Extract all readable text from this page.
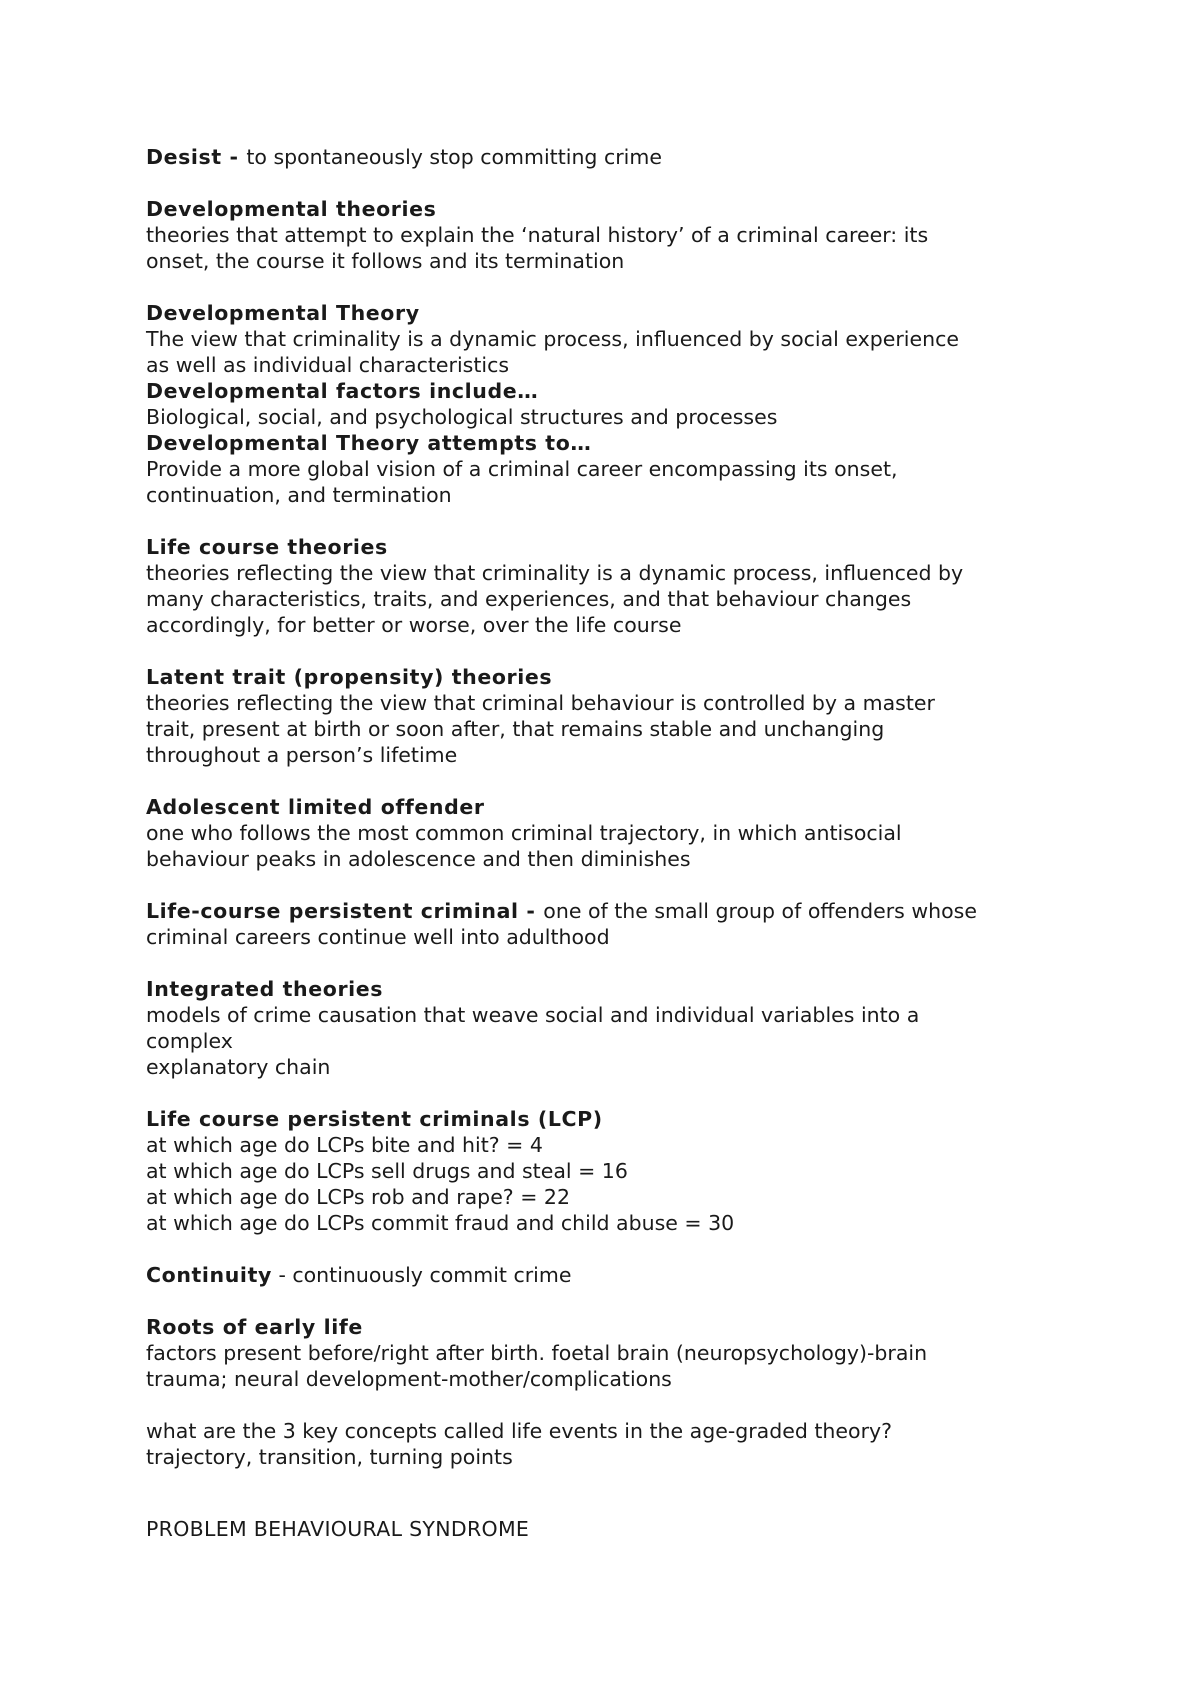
Desist - to spontaneously stop committing crime
Developmental theories
theories that attempt to explain the ‘natural history’ of a criminal career: its
onset, the course it follows and its termination
Developmental Theory
The view that criminality is a dynamic process, influenced by social experience
as well as individual characteristics
Developmental factors include…
Biological, social, and psychological structures and processes
Developmental Theory attempts to…
Provide a more global vision of a criminal career encompassing its onset,
continuation, and termination
Life course theories
theories reflecting the view that criminality is a dynamic process, influenced by
many characteristics, traits, and experiences, and that behaviour changes
accordingly, for better or worse, over the life course
Latent trait (propensity) theories
theories reflecting the view that criminal behaviour is controlled by a master
trait, present at birth or soon after, that remains stable and unchanging
throughout a person’s lifetime
Adolescent limited offender
one who follows the most common criminal trajectory, in which antisocial
behaviour peaks in adolescence and then diminishes
Life-course persistent criminal - one of the small group of offenders whose
criminal careers continue well into adulthood
Integrated theories
models of crime causation that weave social and individual variables into a
complex
explanatory chain
Life course persistent criminals (LCP)
at which age do LCPs bite and hit? = 4
at which age do LCPs sell drugs and steal = 16
at which age do LCPs rob and rape? = 22
at which age do LCPs commit fraud and child abuse = 30
Continuity - continuously commit crime
Roots of early life
factors present before/right after birth. foetal brain (neuropsychology)-brain
trauma; neural development-mother/complications
what are the 3 key concepts called life events in the age-graded theory?
trajectory, transition, turning points
PROBLEM BEHAVIOURAL SYNDROME
